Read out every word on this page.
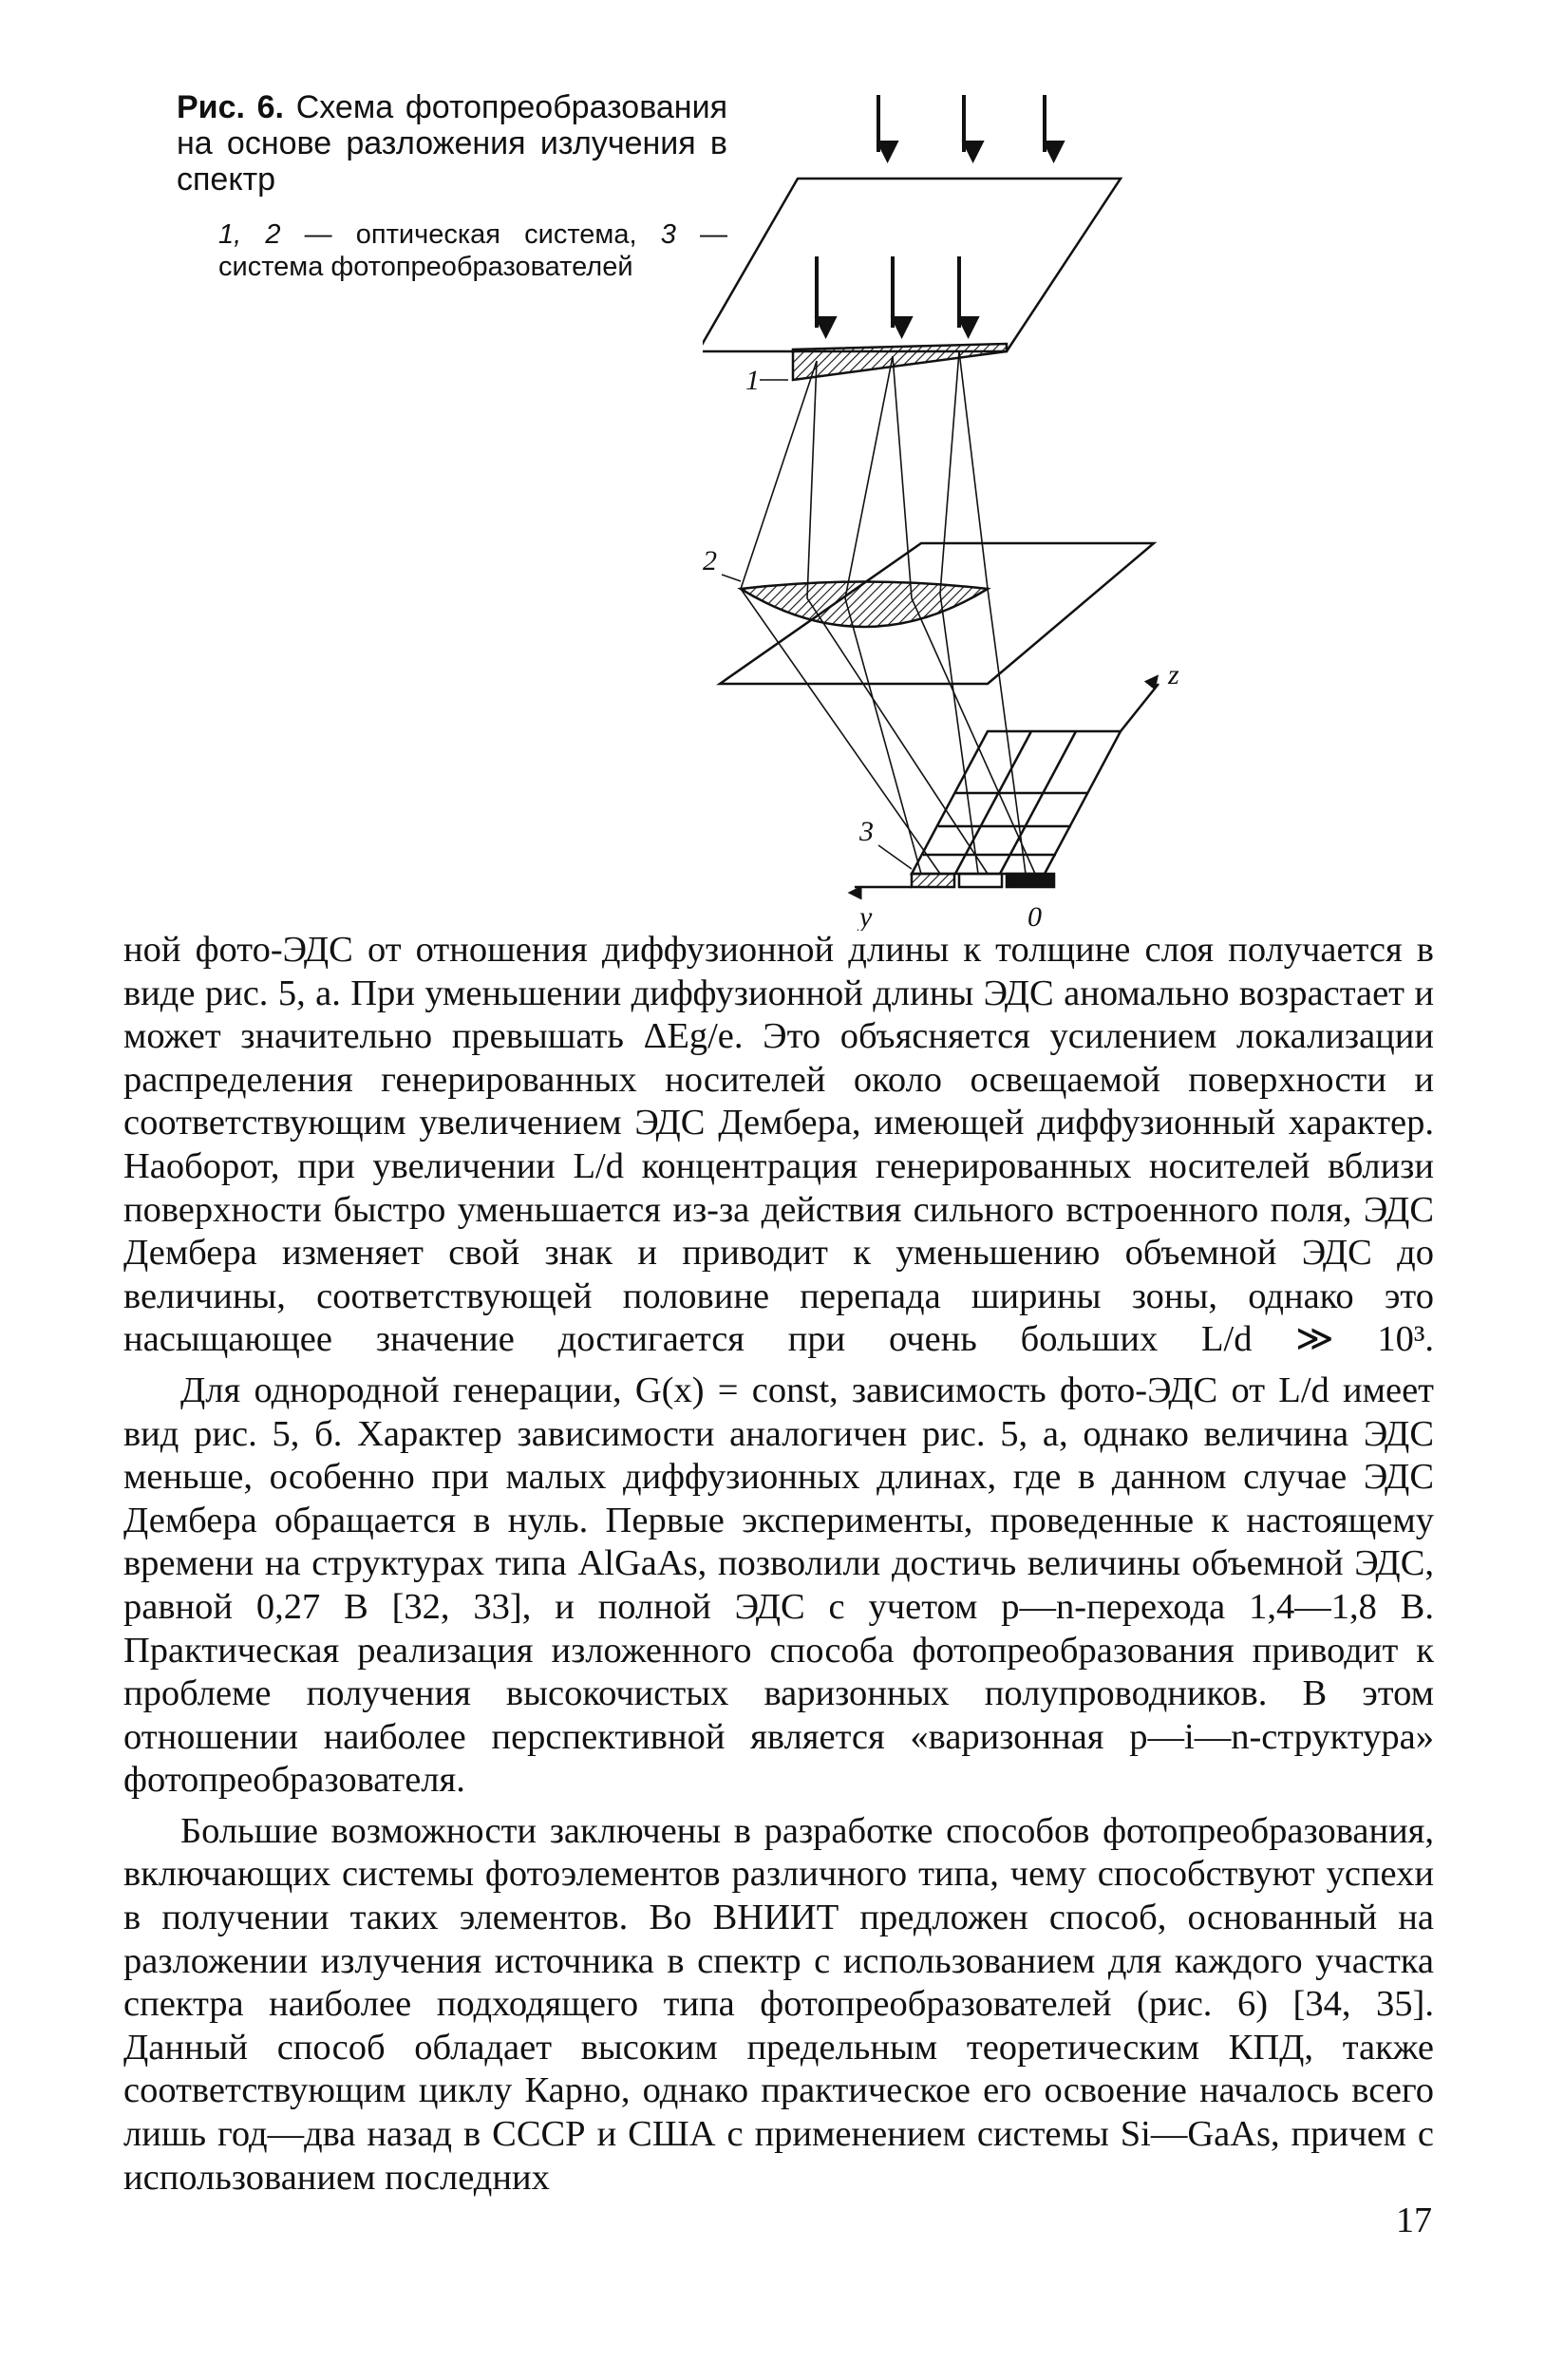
Рис. 6. Схема фотопреобразования на основе разложения излучения в спектр
1, 2 — оптическая система, 3 — система фотопреобразователей
1
2
3
z
y	0

ной фото-ЭДС от отношения диффузионной длины к толщине слоя получается в виде рис. 5, а. При уменьшении диффузионной длины ЭДС аномально возрастает и может значительно превышать ΔEg/e. Это объясняется усилением локализации распределения генерированных носителей около освещаемой поверхности и соответствующим увеличением ЭДС Дембера, имеющей диффузионный характер. Наоборот, при увеличении L/d концентрация генерированных носителей вблизи поверхности быстро уменьшается из-за действия сильного встроенного поля, ЭДС Дембера изменяет свой знак и приводит к уменьшению объемной ЭДС до величины, соответствующей половине перепада ширины зоны, однако это насыщающее значение достигается при очень больших L/d ≫ 10³.

Для однородной генерации, G(x) = const, зависимость фото-ЭДС от L/d имеет вид рис. 5, б. Характер зависимости аналогичен рис. 5, а, однако величина ЭДС меньше, особенно при малых диффузионных длинах, где в данном случае ЭДС Дембера обращается в нуль. Первые эксперименты, проведенные к настоящему времени на структурах типа AlGaAs, позволили достичь величины объемной ЭДС, равной 0,27 В [32, 33], и полной ЭДС с учетом p—n-перехода 1,4—1,8 В. Практическая реализация изложенного способа фотопреобразования приводит к проблеме получения высокочистых варизонных полупроводников. В этом отношении наиболее перспективной является «варизонная p—i—n-структура» фотопреобразователя.

Большие возможности заключены в разработке способов фотопреобразования, включающих системы фотоэлементов различного типа, чему способствуют успехи в получении таких элементов. Во ВНИИТ предложен способ, основанный на разложении излучения источника в спектр с использованием для каждого участка спектра наиболее подходящего типа фотопреобразователей (рис. 6) [34, 35]. Данный способ обладает высоким предельным теоретическим КПД, также соответствующим циклу Карно, однако практическое его освоение началось всего лишь год—два назад в СССР и США с применением системы Si—GaAs, причем с использованием последних

17
